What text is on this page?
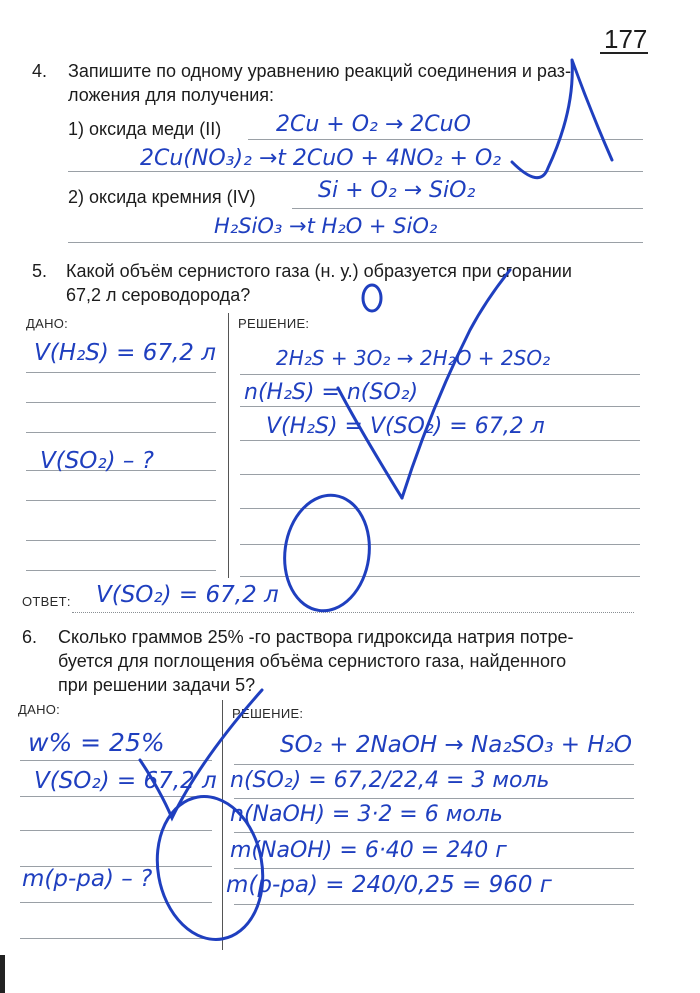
177
4. Запишите по одному уравнению реакций соединения и раз-
ложения для получения:
1) оксида меди (II)
2) оксида кремния (IV)
2Cu + O₂ → 2CuO
2Cu(NO₃)₂ →t 2CuO + 4NO₂ + O₂
Si + O₂ → SiO₂
H₂SiO₃ →t H₂O + SiO₂
5. Какой объём сернистого газа (н. у.) образуется при сгорании
67,2 л сероводорода?
ДАНО:	РЕШЕНИЕ:
V(H₂S) = 67,2 л
V(SO₂) – ?
2H₂S + 3O₂ → 2H₂O + 2SO₂
n(H₂S) = n(SO₂)
V(H₂S) = V(SO₂) = 67,2 л
ОТВЕТ: V(SO₂) = 67,2 л
6. Сколько граммов 25% -го раствора гидроксида натрия потре-
буется для поглощения объёма сернистого газа, найденного
при решении задачи 5?
ДАНО:	РЕШЕНИЕ:
w% = 25%
V(SO₂) = 67,2 л
m(р-ра) – ?
SO₂ + 2NaOH → Na₂SO₃ + H₂O
n(SO₂) = 67,2/22,4 = 3 моль
n(NaOH) = 3·2 = 6 моль
m(NaOH) = 6·40 = 240 г
m(р-ра) = 240/0,25 = 960 г
